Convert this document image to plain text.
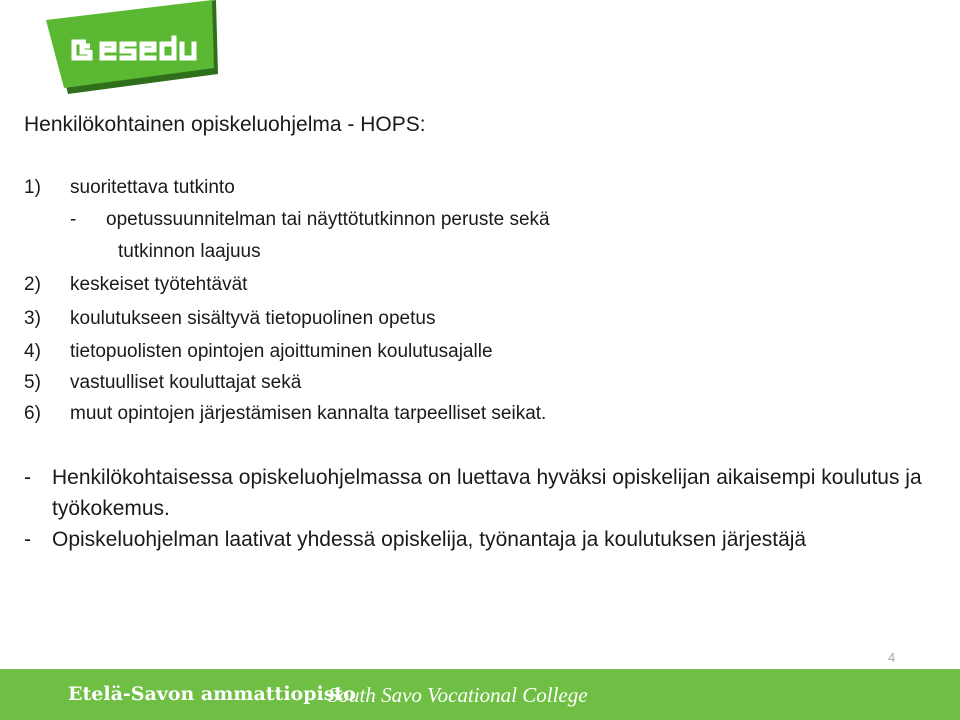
Henkilökohtainen opiskeluohjelma - HOPS:
1) suoritettava tutkinto
- opetussuunnitelman tai näyttötutkinnon peruste sekä
tutkinnon laajuus
2) keskeiset työtehtävät
3) koulutukseen sisältyvä tietopuolinen opetus
4) tietopuolisten opintojen ajoittuminen koulutusajalle
5) vastuulliset kouluttajat sekä
6) muut opintojen järjestämisen kannalta tarpeelliset seikat.
- Henkilökohtaisessa opiskeluohjelmassa on luettava hyväksi opiskelijan aikaisempi koulutus ja työkokemus.
- Opiskeluohjelman laativat yhdessä opiskelija, työnantaja ja koulutuksen järjestäjä
4
Etelä-Savon ammattiopisto
South Savo Vocational College
